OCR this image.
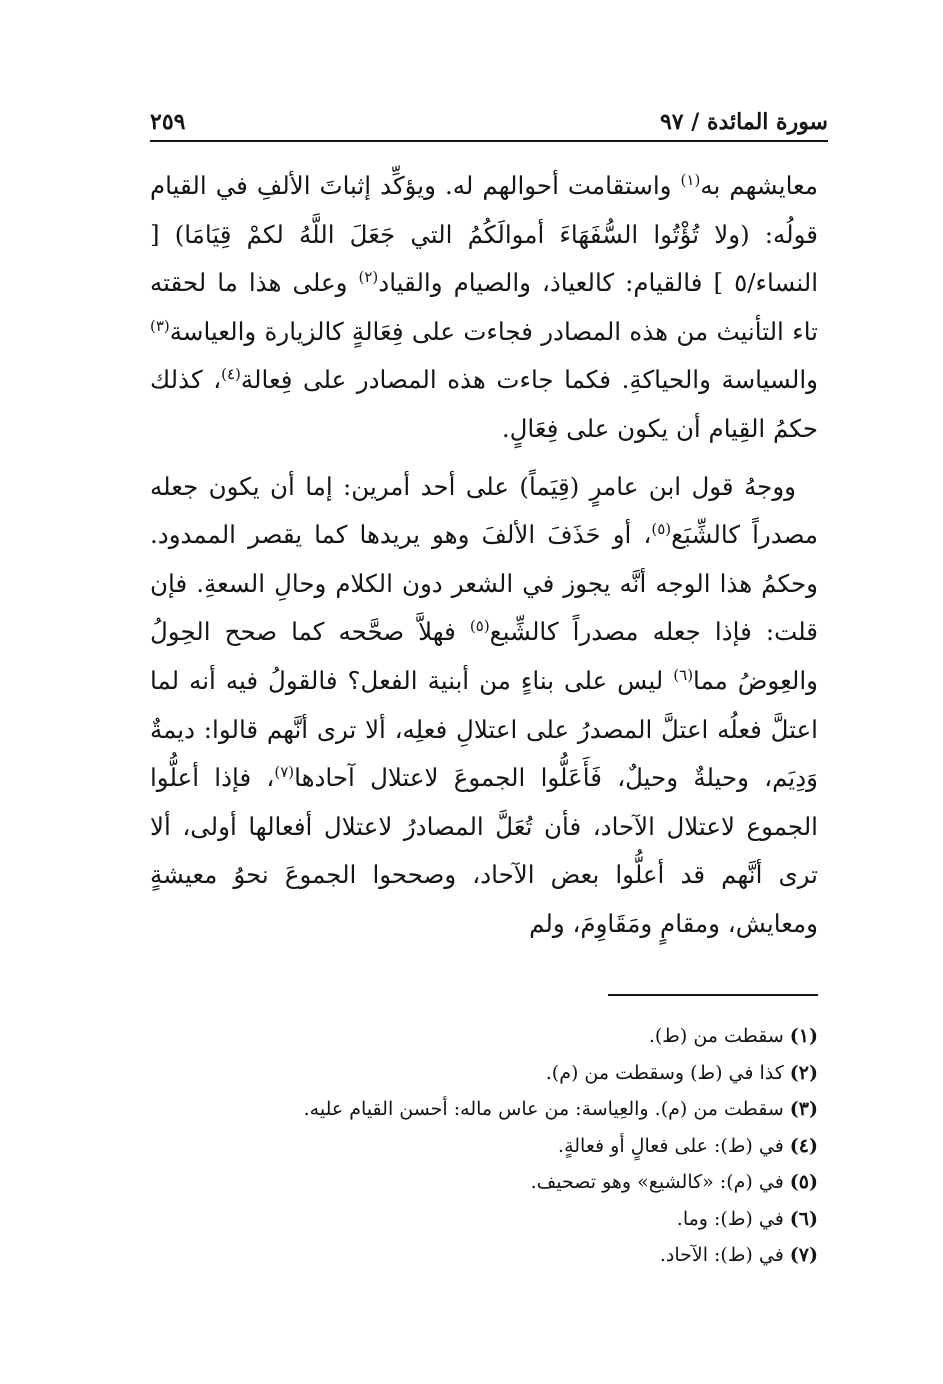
سورة المائدة / ٩٧
٢٥٩

معايشهم به$^{(١)}$ واستقامت أحوالهم له. ويؤكِّد إثباتَ الألفِ في القيام قولُه: (ولا تُؤْتُوا السُّفَهَاءَ أموالَكُمُ التي جَعَلَ اللَّهُ لكمْ قِيَامَا) [ النساء/٥ ] فالقيام: كالعياذ، والصيام والقياد$^{(٢)}$ وعلى هذا ما لحقته تاء التأنيث من هذه المصادر فجاءت على فِعَالةٍ كالزيارة والعياسة$^{(٣)}$ والسياسة والحياكةِ. فكما جاءت هذه المصادر على فِعالة$^{(٤)}$، كذلك حكمُ القِيام أن يكون على فِعَالٍ.

ووجهُ قول ابن عامرٍ (قِيَماً) على أحد أمرين: إما أن يكون جعله مصدراً كالشِّبَع$^{(٥)}$، أو حَذَفَ الألفَ وهو يريدها كما يقصر الممدود. وحكمُ هذا الوجه أنَّه يجوز في الشعر دون الكلام وحالِ السعةِ. فإن قلت: فإذا جعله مصدراً كالشِّبع$^{(٥)}$ فهلاَّ صحَّحه كما صحح الحِولُ والعِوضُ مما$^{(٦)}$ ليس على بناءٍ من أبنية الفعل؟ فالقولُ فيه أنه لما اعتلَّ فعلُه اعتلَّ المصدرُ على اعتلالِ فعلِه، ألا ترى أنَّهم قالوا: ديمةٌ وَدِيَم، وحيلةٌ وحيلٌ، فَأَعَلُّوا الجموعَ لاعتلال آحادها$^{(٧)}$، فإذا أعلُّوا الجموع لاعتلال الآحاد، فأن تُعَلَّ المصادرُ لاعتلال أفعالها أولى، ألا ترى أنَّهم قد أعلُّوا بعض الآحاد، وصححوا الجموعَ نحوُ معيشةٍ ومعايش، ومقامٍ ومَقَاوِمَ، ولم

(١)سقطت من (ط).
(٢)كذا في (ط) وسقطت من (م).
(٣)سقطت من (م). والعِياسة: من عاس ماله: أحسن القيام عليه.
(٤)في (ط): على فعالٍ أو فعالةٍ.
(٥)في (م): «كالشيع» وهو تصحيف.
(٦)في (ط): وما.
(٧)في (ط): الآحاد.
